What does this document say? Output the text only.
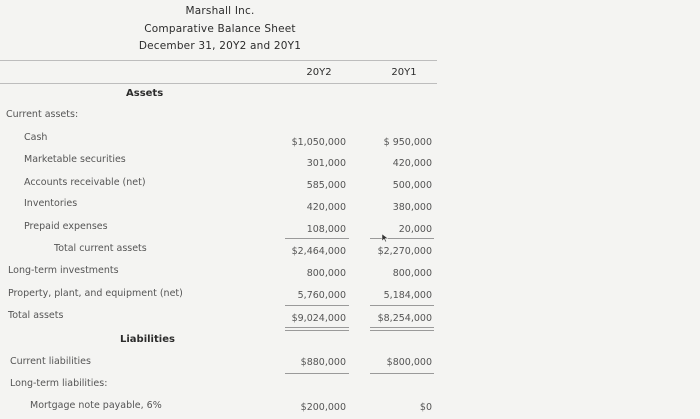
Marshall Inc.
Comparative Balance Sheet
December 31, 20Y2 and 20Y1
20Y2	20Y1
Assets
Current assets:
Cash	$1,050,000	$ 950,000
Marketable securities	301,000	420,000
Accounts receivable (net)	585,000	500,000
Inventories	420,000	380,000
Prepaid expenses	108,000	20,000
Total current assets	$2,464,000	$2,270,000
Long-term investments	800,000	800,000
Property, plant, and equipment (net)	5,760,000	5,184,000
Total assets	$9,024,000	$8,254,000
Liabilities
Current liabilities	$880,000	$800,000
Long-term liabilities:
Mortgage note payable, 6%	$200,000	$0
